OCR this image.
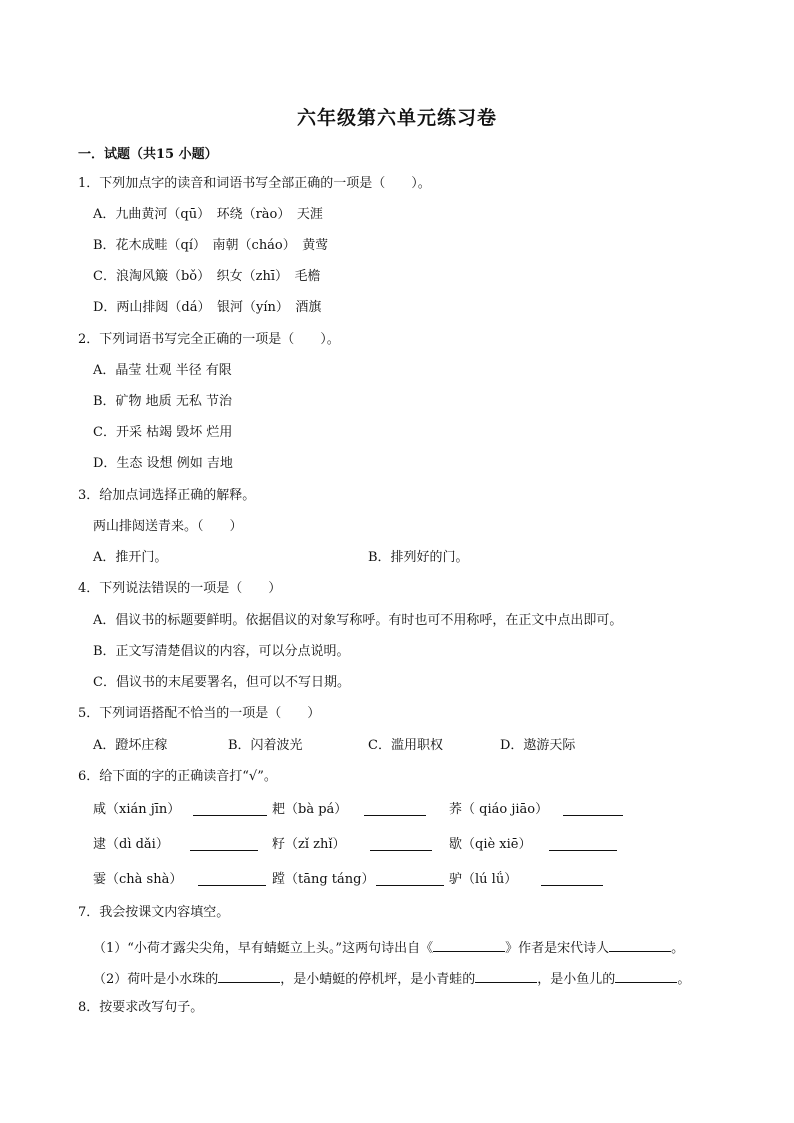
六年级第六单元练习卷
一．试题（共15 小题）
1．下列加点字的读音和词语书写全部正确的一项是（　　）。
A．九曲黄河（qū）　环绕（rào）　天涯
B．花木成畦（qí）　南朝（cháo）　黄莺
C．浪淘风簸（bǒ）　织女（zhī）　毛檐
D．两山排闼（dá）　银河（yín）　酒旗
2．下列词语书写完全正确的一项是（　　）。
A．晶莹 壮观 半径 有限
B．矿物 地质 无私 节治
C．开采 枯竭 毁坏 烂用
D．生态 设想 例如 吉地
3．给加点词选择正确的解释。
两山排闼送青来。（　　）
A．推开门。	B．排列好的门。
4．下列说法错误的一项是（　　）
A．倡议书的标题要鲜明。依据倡议的对象写称呼。有时也可不用称呼，在正文中点出即可。
B．正文写清楚倡议的内容，可以分点说明。
C．倡议书的末尾要署名，但可以不写日期。
5．下列词语搭配不恰当的一项是（　　）
A．蹬坏庄稼	B．闪着波光	C．滥用职权	D．遨游天际
6．给下面的字的正确读音打“√”。
咸（xián jīn）	耙（bà pá）	荞（ qiáo jiāo）
逮（dì dǎi）	籽（zǐ zhǐ）	歇（qiè xiē）
霎（chà shà）	蹚（tāng táng）	驴（lú lǘ）
7．我会按课文内容填空。
（1）“小荷才露尖尖角，早有蜻蜓立上头。”这两句诗出自《	》作者是宋代诗人	。
（2）荷叶是小水珠的	，是小蜻蜓的停机坪，是小青蛙的	，是小鱼儿的	。
8．按要求改写句子。
